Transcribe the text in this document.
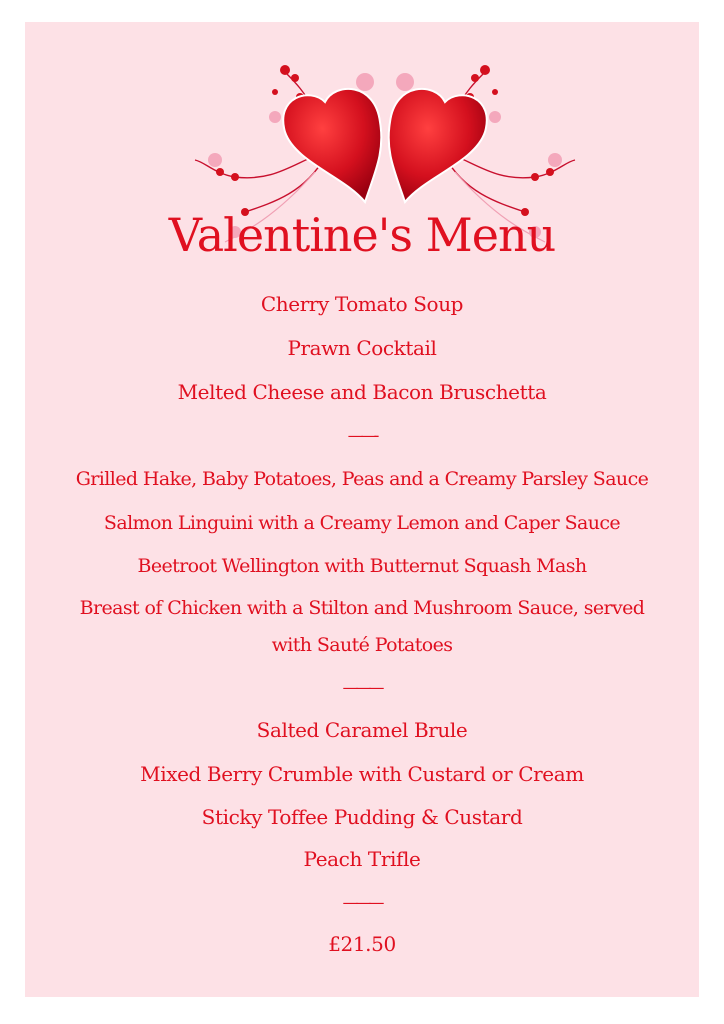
Valentine's Menu
Cherry Tomato Soup
Prawn Cocktail
Melted Cheese and Bacon Bruschetta
——-
Grilled Hake, Baby Potatoes, Peas and a Creamy Parsley Sauce
Salmon Linguini with a Creamy Lemon and Caper Sauce
Beetroot Wellington with Butternut Squash Mash
Breast of Chicken with a Stilton and Mushroom Sauce, served
with Sauté Potatoes
———
Salted Caramel Brule
Mixed Berry Crumble with Custard or Cream
Sticky Toffee Pudding & Custard
Peach Trifle
———
£21.50
